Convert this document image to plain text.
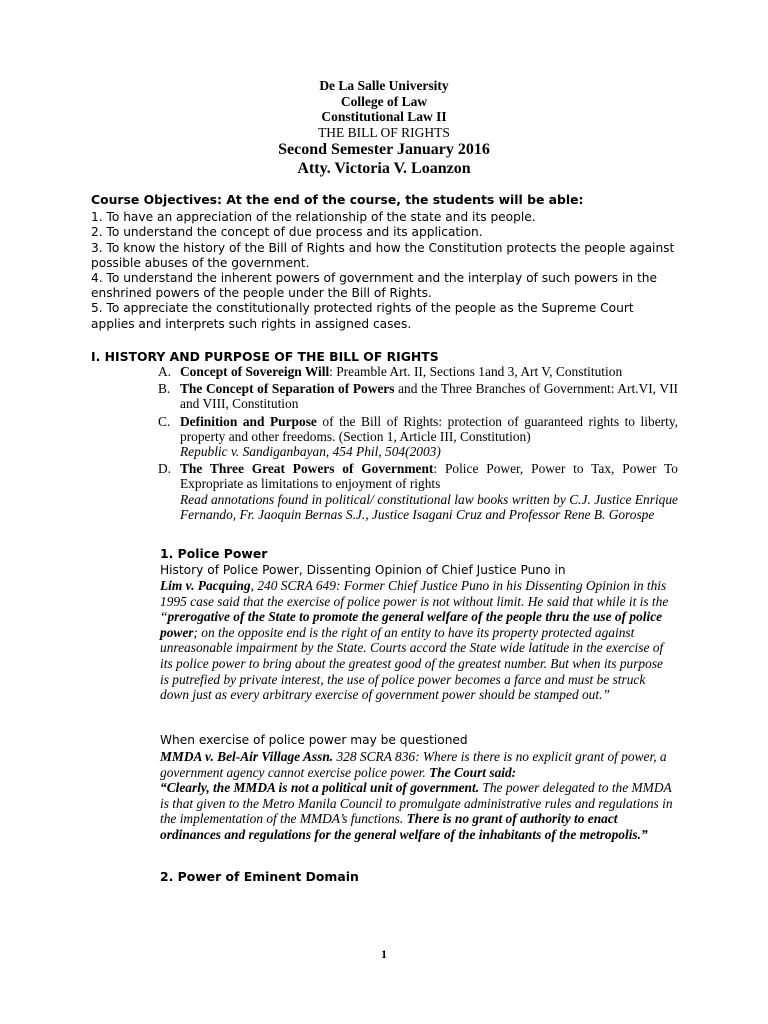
De La Salle University
College of Law
Constitutional Law II
THE BILL OF RIGHTS
Second Semester January 2016
Atty. Victoria V. Loanzon
Course Objectives: At the end of the course, the students will be able:
1. To have an appreciation of the relationship of the state and its people.
2. To understand the concept of due process and its application.
3. To know the history of the Bill of Rights and how the Constitution protects the people against possible abuses of the government.
4. To understand the inherent powers of government and the interplay of such powers in the enshrined powers of the people under the Bill of Rights.
5. To appreciate the constitutionally protected rights of the people as the Supreme Court applies and interprets such rights in assigned cases.
I. HISTORY AND PURPOSE OF THE BILL OF RIGHTS
A. Concept of Sovereign Will: Preamble Art. II, Sections 1and 3, Art V, Constitution
B. The Concept of Separation of Powers and the Three Branches of Government: Art.VI, VII and VIII, Constitution
C. Definition and Purpose of the Bill of Rights: protection of guaranteed rights to liberty, property and other freedoms. (Section 1, Article III, Constitution)
Republic v. Sandiganbayan, 454 Phil, 504(2003)
D. The Three Great Powers of Government: Police Power, Power to Tax, Power To Expropriate as limitations to enjoyment of rights
Read annotations found in political/ constitutional law books written by C.J. Justice Enrique Fernando, Fr. Jaoquin Bernas S.J., Justice Isagani Cruz and Professor Rene B. Gorospe
1. Police Power
History of Police Power, Dissenting Opinion of Chief Justice Puno in
Lim v. Pacquing, 240 SCRA 649: Former Chief Justice Puno in his Dissenting Opinion in this 1995 case said that the exercise of police power is not without limit. He said that while it is the “prerogative of the State to promote the general welfare of the people thru the use of police power; on the opposite end is the right of an entity to have its property protected against unreasonable impairment by the State. Courts accord the State wide latitude in the exercise of its police power to bring about the greatest good of the greatest number. But when its purpose is putrefied by private interest, the use of police power becomes a farce and must be struck down just as every arbitrary exercise of government power should be stamped out.”
When exercise of police power may be questioned
MMDA v. Bel-Air Village Assn. 328 SCRA 836: Where is there is no explicit grant of power, a government agency cannot exercise police power. The Court said:
“Clearly, the MMDA is not a political unit of government. The power delegated to the MMDA is that given to the Metro Manila Council to promulgate administrative rules and regulations in the implementation of the MMDA’s functions. There is no grant of authority to enact ordinances and regulations for the general welfare of the inhabitants of the metropolis.”
2. Power of Eminent Domain
1
